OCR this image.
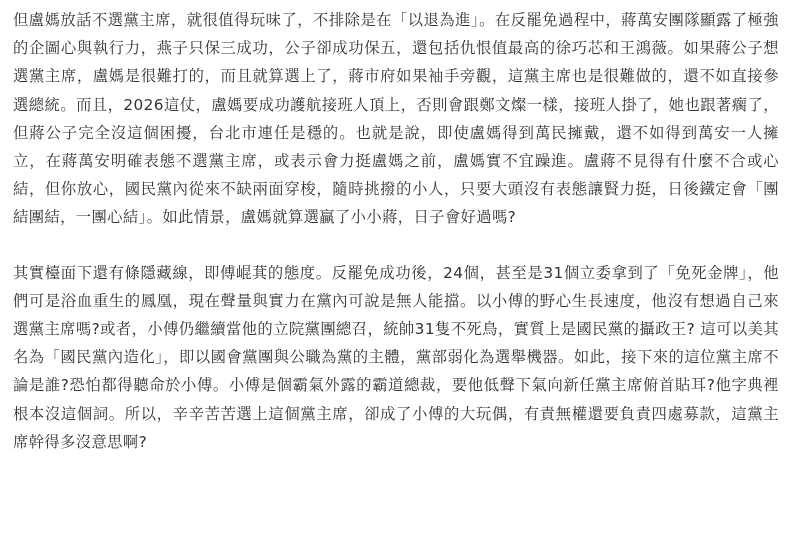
但盧媽放話不選黨主席，就很值得玩味了，不排除是在「以退為進」。在反罷免過程中，蔣萬安團隊顯露了極強的企圖心與執行力，燕子只保三成功，公子卻成功保五，還包括仇恨值最高的徐巧芯和王鴻薇。如果蔣公子想選黨主席，盧媽是很難打的，而且就算選上了，蔣市府如果袖手旁觀，這黨主席也是很難做的，還不如直接參選總統。而且，2026這仗，盧媽要成功護航接班人頂上，否則會跟鄭文燦一樣，接班人掛了，她也跟著瘸了，但蔣公子完全沒這個困擾，台北市連任是穩的。也就是說，即使盧媽得到萬民擁戴，還不如得到萬安一人擁立，在蔣萬安明確表態不選黨主席，或表示會力挺盧媽之前，盧媽實不宜躁進。盧蔣不見得有什麼不合或心結，但你放心，國民黨內從來不缺兩面穿梭，隨時挑撥的小人，只要大頭沒有表態讓賢力挺，日後鐵定會「團結團結，一團心結」。如此情景，盧媽就算選贏了小小蔣，日子會好過嗎?

其實檯面下還有條隱藏線，即傅崐萁的態度。反罷免成功後，24個，甚至是31個立委拿到了「免死金牌」，他們可是浴血重生的鳳凰，現在聲量與實力在黨內可說是無人能擋。以小傅的野心生長速度，他沒有想過自己來選黨主席嗎?或者，小傅仍繼續當他的立院黨團總召，統帥31隻不死鳥，實質上是國民黨的攝政王? 這可以美其名為「國民黨內造化」，即以國會黨團與公職為黨的主體，黨部弱化為選舉機器。如此，接下來的這位黨主席不論是誰?恐怕都得聽命於小傅。小傅是個霸氣外露的霸道總裁，要他低聲下氣向新任黨主席俯首貼耳?他字典裡根本沒這個詞。所以，辛辛苦苦選上這個黨主席，卻成了小傅的大玩偶，有責無權還要負責四處募款，這黨主席幹得多沒意思啊?
